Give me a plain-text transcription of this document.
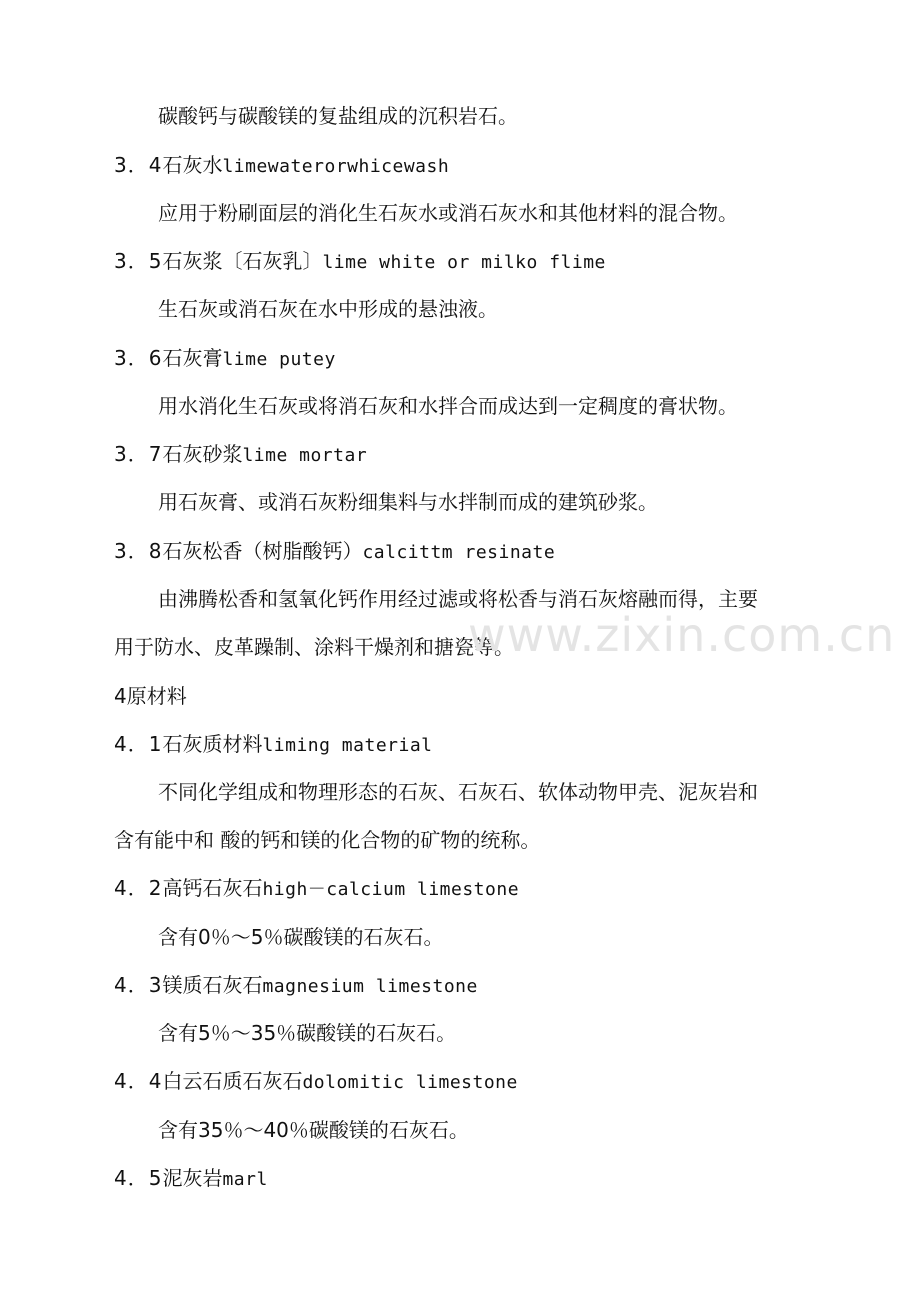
碳酸钙与碳酸镁的复盐组成的沉积岩石。
3．4石灰水limewaterorwhicewash
应用于粉刷面层的消化生石灰水或消石灰水和其他材料的混合物。
3．5石灰浆〔石灰乳〕lime white or milko flime
生石灰或消石灰在水中形成的悬浊液。
3．6石灰膏lime putey
用水消化生石灰或将消石灰和水拌合而成达到一定稠度的膏状物。
3．7石灰砂浆lime mortar
用石灰膏、或消石灰粉细集料与水拌制而成的建筑砂浆。
3．8石灰松香（树脂酸钙）calcittm resinate
由沸腾松香和氢氧化钙作用经过滤或将松香与消石灰熔融而得，主要
用于防水、皮革躁制、涂料干燥剂和搪瓷等。
www.zixin.com.cn
4原材料
4．1石灰质材料liming material
不同化学组成和物理形态的石灰、石灰石、软体动物甲壳、泥灰岩和
含有能中和 酸的钙和镁的化合物的矿物的统称。
4．2高钙石灰石high－calcium limestone
含有0％～5％碳酸镁的石灰石。
4．3镁质石灰石magnesium limestone
含有5％～35％碳酸镁的石灰石。
4．4白云石质石灰石dolomitic limestone
含有35％～40％碳酸镁的石灰石。
4．5泥灰岩marl
